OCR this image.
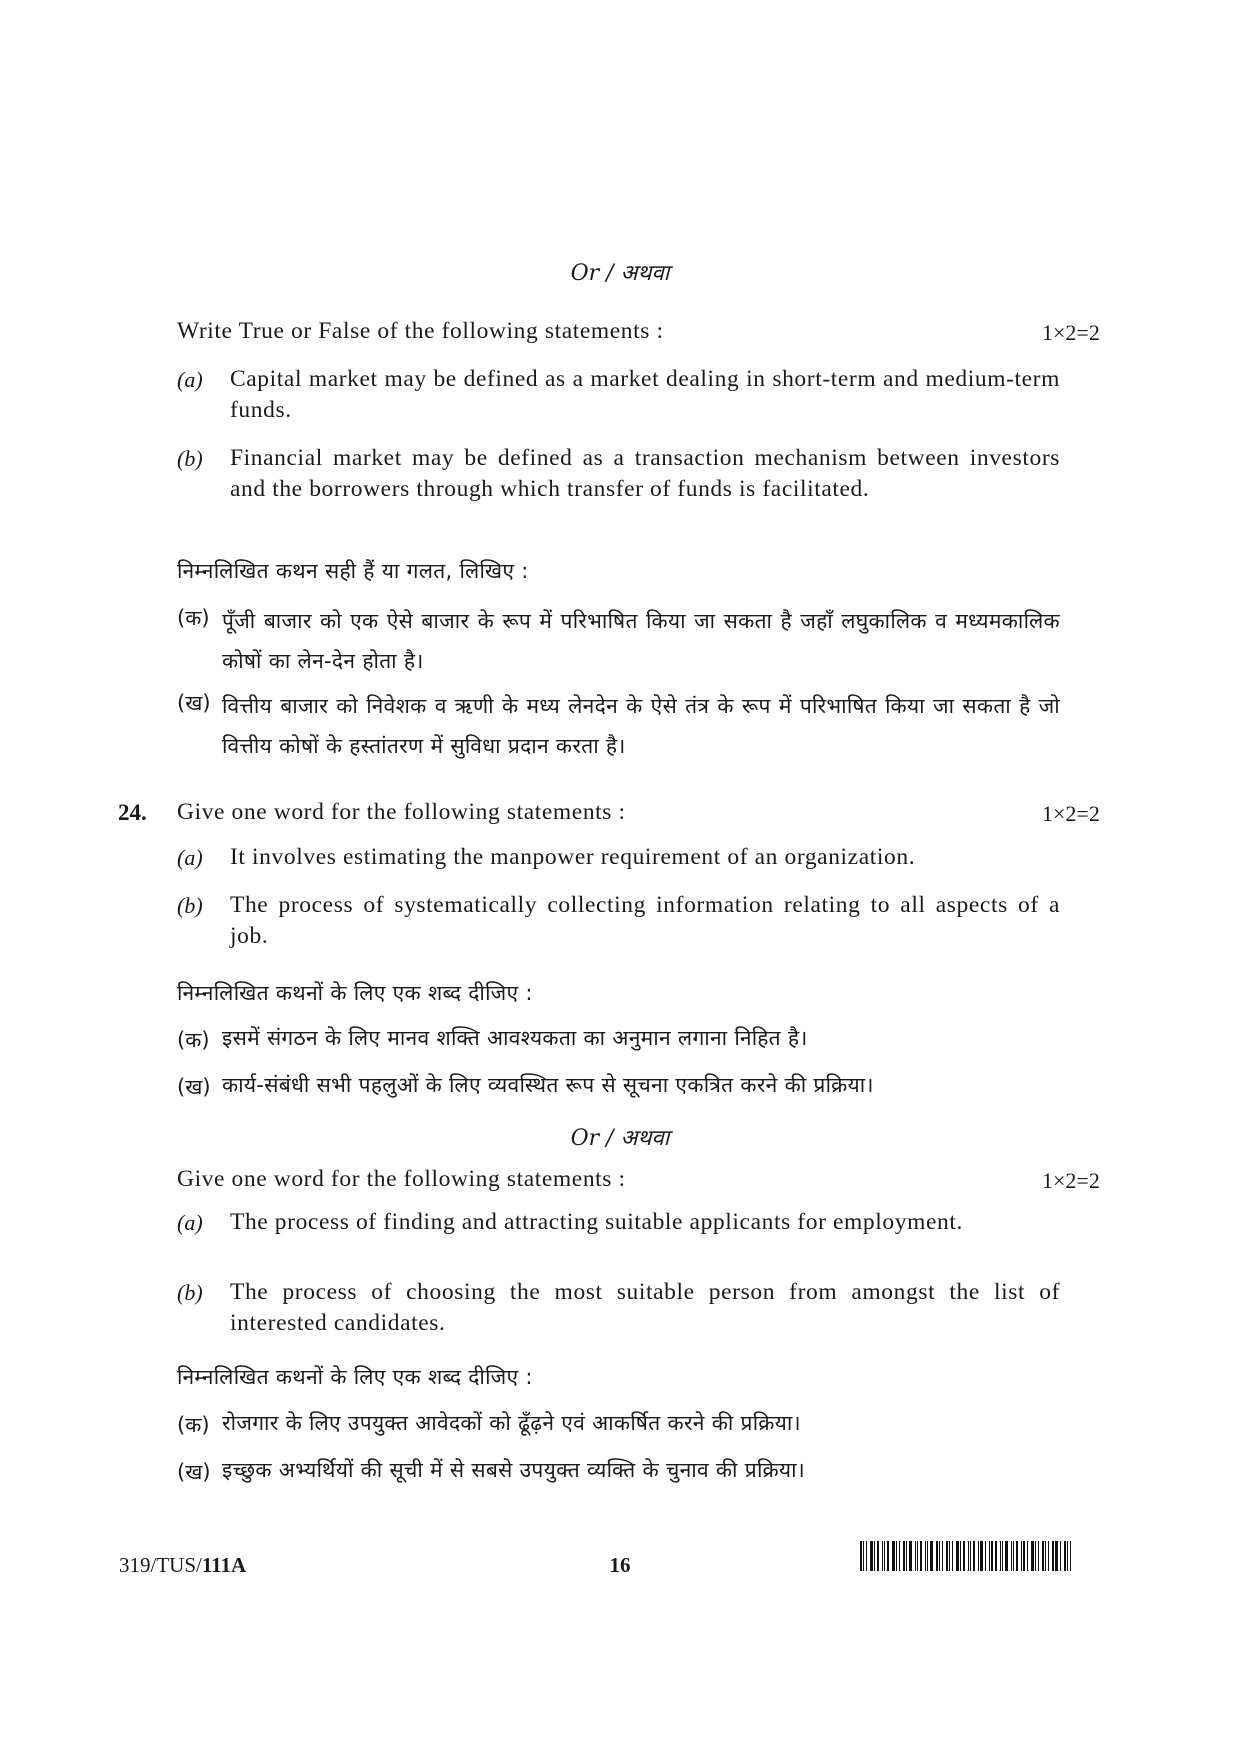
Or / अथवा
Write True or False of the following statements :	1×2=2
(a) Capital market may be defined as a market dealing in short-term and medium-term funds.
(b) Financial market may be defined as a transaction mechanism between investors and the borrowers through which transfer of funds is facilitated.
निम्नलिखित कथन सही हैं या गलत, लिखिए :
(क) पूँजी बाजार को एक ऐसे बाजार के रूप में परिभाषित किया जा सकता है जहाँ लघुकालिक व मध्यमकालिक कोषों का लेन-देन होता है।
(ख) वित्तीय बाजार को निवेशक व ऋणी के मध्य लेनदेन के ऐसे तंत्र के रूप में परिभाषित किया जा सकता है जो वित्तीय कोषों के हस्तांतरण में सुविधा प्रदान करता है।
24. Give one word for the following statements :	1×2=2
(a) It involves estimating the manpower requirement of an organization.
(b) The process of systematically collecting information relating to all aspects of a job.
निम्नलिखित कथनों के लिए एक शब्द दीजिए :
(क) इसमें संगठन के लिए मानव शक्ति आवश्यकता का अनुमान लगाना निहित है।
(ख) कार्य-संबंधी सभी पहलुओं के लिए व्यवस्थित रूप से सूचना एकत्रित करने की प्रक्रिया।
Or / अथवा
Give one word for the following statements :	1×2=2
(a) The process of finding and attracting suitable applicants for employment.
(b) The process of choosing the most suitable person from amongst the list of interested candidates.
निम्नलिखित कथनों के लिए एक शब्द दीजिए :
(क) रोजगार के लिए उपयुक्त आवेदकों को ढूँढ़ने एवं आकर्षित करने की प्रक्रिया।
(ख) इच्छुक अभ्यर्थियों की सूची में से सबसे उपयुक्त व्यक्ति के चुनाव की प्रक्रिया।
319/TUS/111A	16
